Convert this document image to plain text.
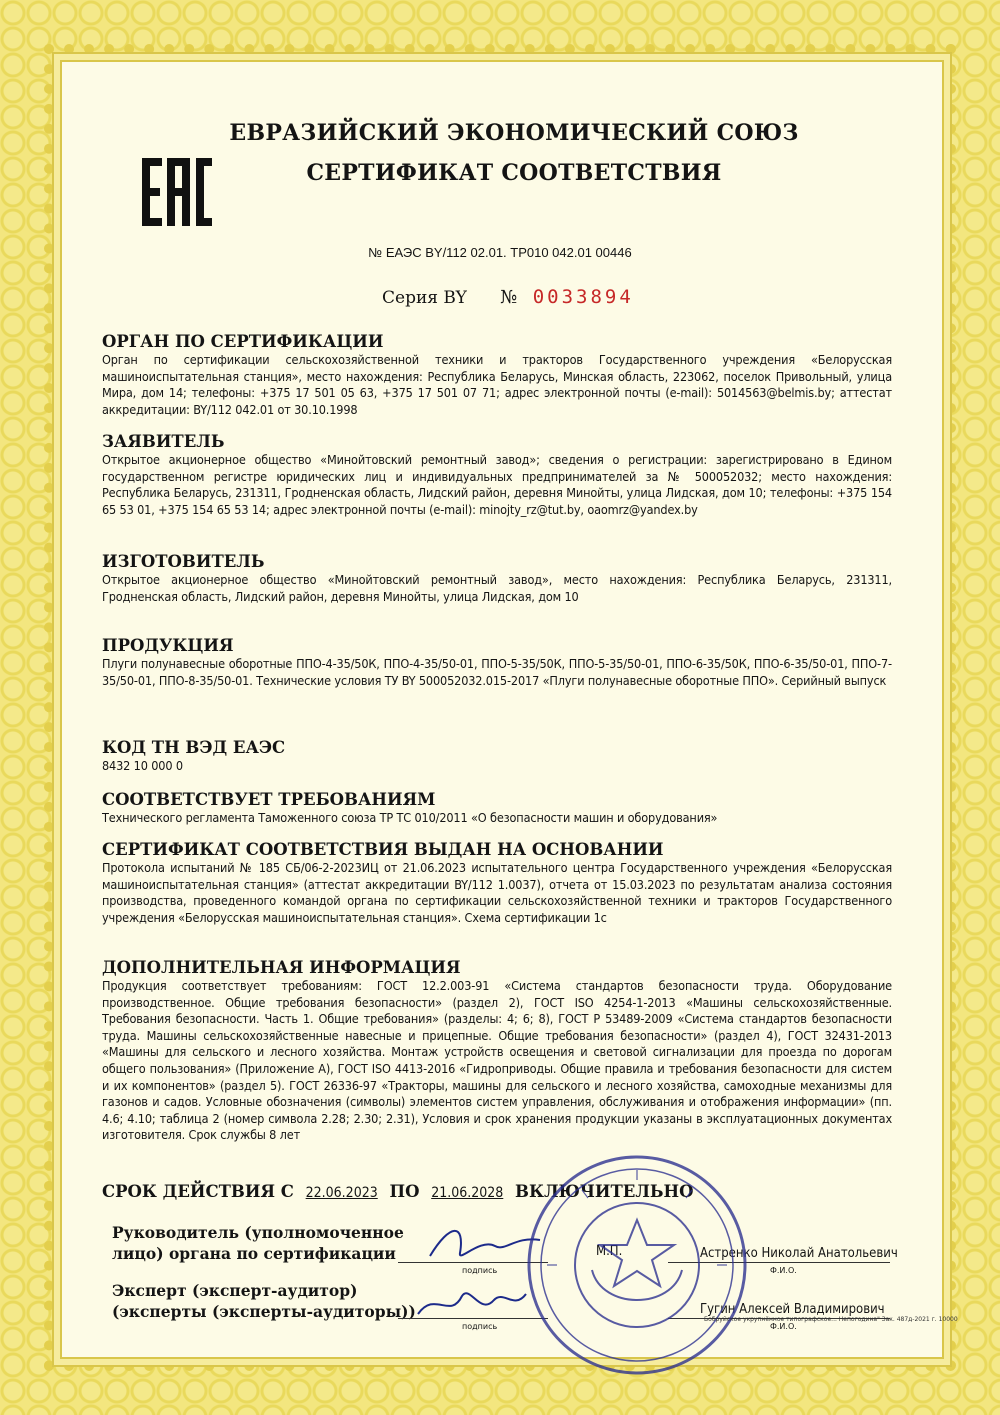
ЕВРАЗИЙСКИЙ ЭКОНОМИЧЕСКИЙ СОЮЗ
СЕРТИФИКАТ СООТВЕТСТВИЯ
№ ЕАЭС BY/112 02.01. ТР010 042.01 00446
Серия BY № 0033894

ОРГАН ПО СЕРТИФИКАЦИИ

Орган по сертификации сельскохозяйственной техники и тракторов Государственного учреждения «Белорусская машиноиспытательная станция», место нахождения: Республика Беларусь, Минская область, 223062, поселок Привольный, улица Мира, дом 14; телефоны: +375 17 501 05 63, +375 17 501 07 71; адрес электронной почты (e-mail): 5014563@belmis.by; аттестат аккредитации: BY/112 042.01 от 30.10.1998

ЗАЯВИТЕЛЬ

Открытое акционерное общество «Минойтовский ремонтный завод»; сведения о регистрации: зарегистрировано в Едином государственном регистре юридических лиц и индивидуальных предпринимателей за № 500052032; место нахождения: Республика Беларусь, 231311, Гродненская область, Лидский район, деревня Минойты, улица Лидская, дом 10; телефоны: +375 154 65 53 01, +375 154 65 53 14; адрес электронной почты (e-mail): minojty_rz@tut.by, oaomrz@yandex.by

ИЗГОТОВИТЕЛЬ

Открытое акционерное общество «Минойтовский ремонтный завод», место нахождения: Республика Беларусь, 231311, Гродненская область, Лидский район, деревня Минойты, улица Лидская, дом 10

ПРОДУКЦИЯ

Плуги полунавесные оборотные ППО-4-35/50К, ППО-4-35/50-01, ППО-5-35/50К, ППО-5-35/50-01, ППО-6-35/50К, ППО-6-35/50-01, ППО-7-35/50-01, ППО-8-35/50-01. Технические условия ТУ BY 500052032.015-2017 «Плуги полунавесные оборотные ППО». Серийный выпуск

КОД ТН ВЭД ЕАЭС

8432 10 000 0

СООТВЕТСТВУЕТ ТРЕБОВАНИЯМ

Технического регламента Таможенного союза ТР ТС 010/2011 «О безопасности машин и оборудования»

СЕРТИФИКАТ СООТВЕТСТВИЯ ВЫДАН НА ОСНОВАНИИ

Протокола испытаний № 185 СБ/06-2-2023ИЦ от 21.06.2023 испытательного центра Государственного учреждения «Белорусская машиноиспытательная станция» (аттестат аккредитации BY/112 1.0037), отчета от 15.03.2023 по результатам анализа состояния производства, проведенного командой органа по сертификации сельскохозяйственной техники и тракторов Государственного учреждения «Белорусская машиноиспытательная станция». Схема сертификации 1с

ДОПОЛНИТЕЛЬНАЯ ИНФОРМАЦИЯ

Продукция соответствует требованиям: ГОСТ 12.2.003-91 «Система стандартов безопасности труда. Оборудование производственное. Общие требования безопасности» (раздел 2), ГОСТ ISO 4254-1-2013 «Машины сельскохозяйственные. Требования безопасности. Часть 1. Общие требования» (разделы: 4; 6; 8), ГОСТ Р 53489-2009 «Система стандартов безопасности труда. Машины сельскохозяйственные навесные и прицепные. Общие требования безопасности» (раздел 4), ГОСТ 32431-2013 «Машины для сельского и лесного хозяйства. Монтаж устройств освещения и световой сигнализации для проезда по дорогам общего пользования» (Приложение А), ГОСТ ISO 4413-2016 «Гидроприводы. Общие правила и требования безопасности для систем и их компонентов» (раздел 5). ГОСТ 26336-97 «Тракторы, машины для сельского и лесного хозяйства, самоходные механизмы для газонов и садов. Условные обозначения (символы) элементов систем управления, обслуживания и отображения информации» (пп. 4.6; 4.10; таблица 2 (номер символа 2.28; 2.30; 2.31), Условия и срок хранения продукции указаны в эксплуатационных документах изготовителя. Срок службы 8 лет

СРОК ДЕЙСТВИЯ С 22.06.2023 ПО 21.06.2028 ВКЛЮЧИТЕЛЬНО
Руководитель (уполномоченное
лицо) органа по сертификации
подпись
М.П.	Астренко Николай Анатольевич
Ф.И.О.
Эксперт (эксперт-аудитор)
(эксперты (эксперты-аудиторы))
подпись
Гугин Алексей Владимирович
Ф.И.О.
Бобруйское укрупнённое типографское... Непогодина" Зак. 487д-2021 г. 10000
